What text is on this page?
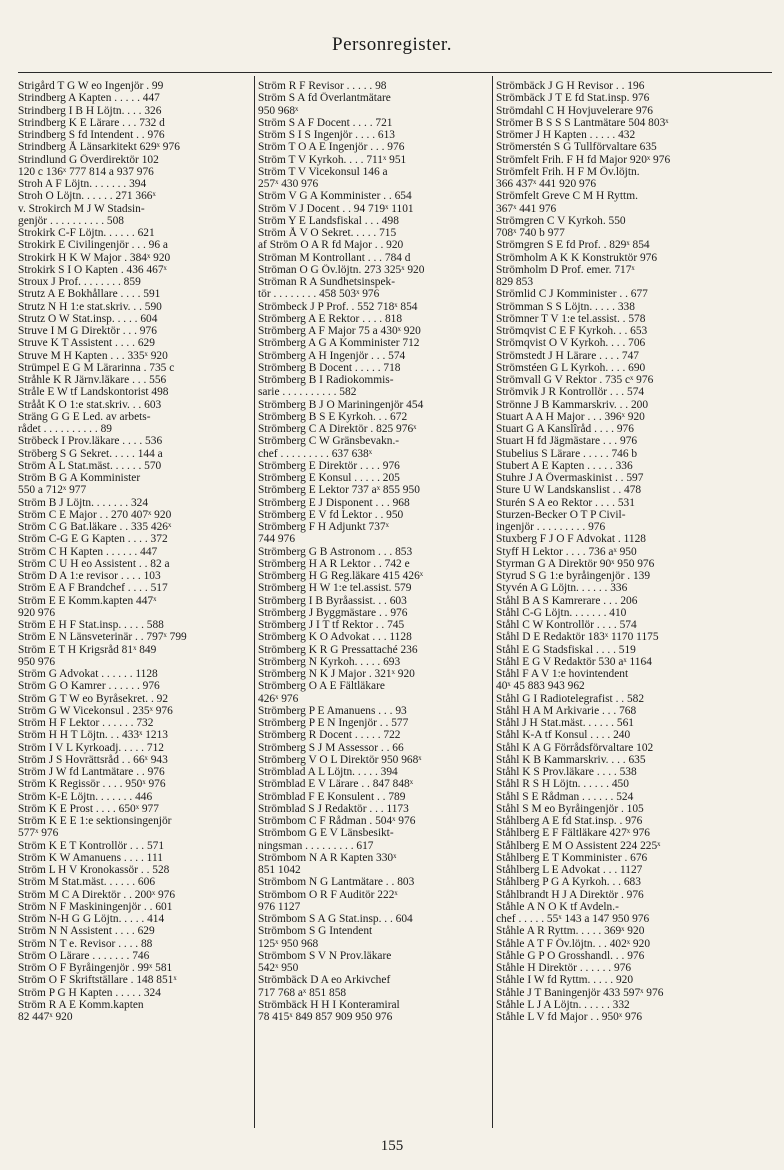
Personregister.
Strigård T G W eo Ingenjör . 99
Strindberg A Kapten . . . . . 447
Strindberg I B H Löjtn. . . . 326
Strindberg K E Lärare . . . 732 d
Strindberg S fd Intendent . . 976
Strindberg Å Länsarkitekt 629ˣ 976
Strindlund G Överdirektör 102
120 c 136ˣ 777 814 a 937 976
Stroh A F Löjtn. . . . . . . 394
Stroh O Löjtn. . . . . . 271 366ˣ
v. Strokirch M J W Stadsin-
genjör . . . . . . . . . . 508
Strokirk C-F Löjtn. . . . . . 621
Strokirk E Civilingenjör . . . 96 a
Strokirk H K W Major . 384ˣ 920
Strokirk S I O Kapten . 436 467ˣ
Stroux J Prof. . . . . . . . 859
Strutz A E Bokhållare . . . . 591
Strutz N H 1:e stat.skriv. . . 590
Strutz O W Stat.insp. . . . . 604
Struve I M G Direktör . . . 976
Struve K T Assistent . . . . 629
Struve M H Kapten . . . 335ˣ 920
Strümpel E G M Lärarinna . 735 c
Stråhle K R Järnv.läkare . . . 556
Stråle E W tf Landskontorist 498
Strååt K O 1:e stat.skriv. . . 603
Sträng G G E Led. av arbets-
rådet . . . . . . . . . . 89
Ströbeck I Prov.läkare . . . . 536
Ströberg S G Sekret. . . . . 144 a
Ström A L Stat.mäst. . . . . . 570
Ström B G A Komminister
550 a 712ˣ 977
Ström B J Löjtn. . . . . . . 324
Ström C E Major . . 270 407ˣ 920
Ström C G Bat.läkare . . 335 426ˣ
Ström C-G E G Kapten . . . . 372
Ström C H Kapten . . . . . . 447
Ström C U H eo Assistent . . 82 a
Ström D A 1:e revisor . . . . 103
Ström E A F Brandchef . . . . 517
Ström E E Komm.kapten 447ˣ
920 976
Ström E H F Stat.insp. . . . . 588
Ström E N Länsveterinär . . 797ˣ 799
Ström E T H Krigsråd 81ˣ 849
950 976
Ström G Advokat . . . . . . 1128
Ström G O Kamrer . . . . . . 976
Ström G T W eo Byråsekret. . 92
Ström G W Vicekonsul . 235ˣ 976
Ström H F Lektor . . . . . . 732
Ström H H T Löjtn. . . 433ˣ 1213
Ström I V L Kyrkoadj. . . . . 712
Ström J S Hovrättsråd . . 66ˣ 943
Ström J W fd Lantmätare . . 976
Ström K Regissör . . . . 950ˣ 976
Ström K-E Löjtn. . . . . . . 446
Ström K E Prost . . . . 650ˣ 977
Ström K E E 1:e sektionsingenjör
577ˣ 976
Ström K E T Kontrollör . . . 571
Ström K W Amanuens . . . . 111
Ström L H V Kronokassör . . 528
Ström M Stat.mäst. . . . . . 606
Ström M C A Direktör . . 200ˣ 976
Ström N F Maskiningenjör . . 601
Ström N-H G G Löjtn. . . . . 414
Ström N N Assistent . . . . 629
Ström N T e. Revisor . . . . 88
Ström O Lärare . . . . . . . 746
Ström O F Byråingenjör . 99ˣ 581
Ström O F Skriftställare . 148 851ˣ
Ström P G H Kapten . . . . . 324
Ström R A E Komm.kapten
82 447ˣ 920
Ström R F Revisor . . . . . 98
Ström S A fd Överlantmätare
950 968ˣ
Ström S A F Docent . . . . 721
Ström S I S Ingenjör . . . . 613
Ström T O A E Ingenjör . . . 976
Ström T V Kyrkoh. . . . 711ˣ 951
Ström T V Vicekonsul 146 a
257ˣ 430 976
Ström V G A Komminister . . 654
Ström V J Docent . . 94 719ˣ 1101
Ström Y E Landsfiskal . . . 498
Ström Å V O Sekret. . . . . 715
af Ström O A R fd Major . . 920
Ströman M Kontrollant . . . 784 d
Ströman O G Öv.löjtn. 273 325ˣ 920
Ströman R A Sundhetsinspek-
tör . . . . . . . . 458 503ˣ 976
Strömbeck J P Prof. . 552 718ˣ 854
Strömberg A E Rektor . . . . 818
Strömberg A F Major 75 a 430ˣ 920
Strömberg A G A Komminister 712
Strömberg A H Ingenjör . . . 574
Strömberg B Docent . . . . . 718
Strömberg B I Radiokommis-
sarie . . . . . . . . . . 582
Strömberg B J O Mariningenjör 454
Strömberg B S E Kyrkoh. . . 672
Strömberg C A Direktör . 825 976ˣ
Strömberg C W Gränsbevakn.-
chef . . . . . . . . . 637 638ˣ
Strömberg E Direktör . . . . 976
Strömberg E Konsul . . . . . 205
Strömberg E Lektor 737 aˣ 855 950
Strömberg E J Disponent . . . 968
Strömberg E V fd Lektor . . 950
Strömberg F H Adjunkt 737ˣ
744 976
Strömberg G B Astronom . . . 853
Strömberg H A R Lektor . . 742 e
Strömberg H G Reg.läkare 415 426ˣ
Strömberg H W 1:e tel.assist. 579
Strömberg I B Byråassist. . . 603
Strömberg J Byggmästare . . 976
Strömberg J I T tf Rektor . . 745
Strömberg K O Advokat . . . 1128
Strömberg K R G Pressattaché 236
Strömberg N Kyrkoh. . . . . 693
Strömberg N K J Major . 321ˣ 920
Strömberg O A E Fältläkare
426ˣ 976
Strömberg P E Amanuens . . . 93
Strömberg P E N Ingenjör . . 577
Strömberg R Docent . . . . . 722
Strömberg S J M Assessor . . 66
Strömberg V O L Direktör 950 968ˣ
Strömblad A L Löjtn. . . . . 394
Strömblad E V Lärare . . 847 848ˣ
Strömblad F E Konsulent . . 789
Strömblad S J Redaktör . . . 1173
Strömbom C F Rådman . 504ˣ 976
Strömbom G E V Länsbesikt-
ningsman . . . . . . . . . 617
Strömbom N A R Kapten 330ˣ
851 1042
Strömbom N G Lantmätare . . 803
Strömbom O R F Auditör 222ˣ
976 1127
Strömbom S A G Stat.insp. . . 604
Strömbom S G Intendent
125ˣ 950 968
Strömbom S V N Prov.läkare
542ˣ 950
Strömbäck D A eo Arkivchef
717 768 aˣ 851 858
Strömbäck H H I Konteramiral
78 415ˣ 849 857 909 950 976
Strömbäck J G H Revisor . . 196
Strömbäck J T E fd Stat.insp. 976
Strömdahl C H Hovjuvelerare 976
Strömer B S S S Lantmätare 504 803ˣ
Strömer J H Kapten . . . . . 432
Strömerstén S G Tullförvaltare 635
Strömfelt Frih. F H fd Major 920ˣ 976
Strömfelt Frih. H F M Öv.löjtn.
366 437ˣ 441 920 976
Strömfelt Greve C M H Ryttm.
367ˣ 441 976
Strömgren C V Kyrkoh. 550
708ˣ 740 b 977
Strömgren S E fd Prof. . 829ˣ 854
Strömholm A K K Konstruktör 976
Strömholm D Prof. emer. 717ˣ
829 853
Strömlid C J Komminister . . 677
Strömman S S Löjtn. . . . . 338
Strömner T V 1:e tel.assist. . 578
Strömqvist C E F Kyrkoh. . . 653
Strömqvist O V Kyrkoh. . . . 706
Strömstedt J H Lärare . . . . 747
Strömstéen G L Kyrkoh. . . . 690
Strömvall G V Rektor . 735 cˣ 976
Strömvik J R Kontrollör . . . 574
Strönne J B Kammarskriv. . . 200
Stuart A A H Major . . . 396ˣ 920
Stuart G A Kanslîråd . . . . 976
Stuart H fd Jägmästare . . . 976
Stubelius S Lärare . . . . . 746 b
Stubert A E Kapten . . . . . 336
Stuhre J A Övermaskinist . . 597
Sture U W Landskanslist . . 478
Sturén S A eo Rektor . . . . 531
Sturzen-Becker O T P Civil-
ingenjör . . . . . . . . . 976
Stuxberg F J O F Advokat . 1128
Styff H Lektor . . . . 736 aˣ 950
Styrman G A Direktör 90ˣ 950 976
Styrud S G 1:e byråingenjör . 139
Styvén A G Löjtn. . . . . . 336
Ståhl B A S Kamrerare . . . 206
Ståhl C-G Löjtn. . . . . . . 410
Ståhl C W Kontrollör . . . . 574
Ståhl D E Redaktör 183ˣ 1170 1175
Ståhl E G Stadsfiskal . . . . 519
Ståhl E G V Redaktör 530 aˣ 1164
Ståhl F A V 1:e hovintendent
40ˣ 45 883 943 962
Ståhl G I Radiotelegrafist . . 582
Ståhl H A M Arkivarie . . . 768
Ståhl J H Stat.mäst. . . . . . 561
Ståhl K-A tf Konsul . . . . 240
Ståhl K A G Förrådsförvaltare 102
Ståhl K B Kammarskriv. . . . 635
Ståhl K S Prov.läkare . . . . 538
Ståhl R S H Löjtn. . . . . . 450
Ståhl S E Rådman . . . . . . 524
Ståhl S M eo Byråingenjör . 105
Ståhlberg A E fd Stat.insp. . 976
Ståhlberg E F Fältläkare 427ˣ 976
Ståhlberg E M O Assistent 224 225ˣ
Ståhlberg E T Komminister . 676
Ståhlberg L E Advokat . . . 1127
Ståhlberg P G A Kyrkoh. . . 683
Ståhlbrandt H J A Direktör . 976
Ståhle A N O K tf Avdeln.-
chef . . . . . 55ˣ 143 a 147 950 976
Ståhle A R Ryttm. . . . . 369ˣ 920
Ståhle A T F Öv.löjtn. . . 402ˣ 920
Ståhle G P O Grosshandl. . . 976
Ståhle H Direktör . . . . . . 976
Ståhle I W fd Ryttm. . . . . 920
Ståhle J T Baningenjör 433 597ˣ 976
Ståhle L J A Löjtn. . . . . . 332
Ståhle L V fd Major . . 950ˣ 976
155
